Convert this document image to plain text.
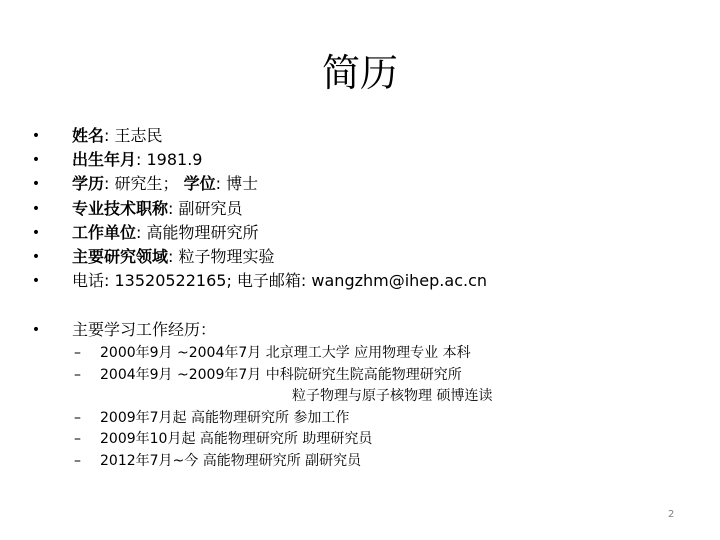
简历
• 姓名: 王志民
• 出生年月: 1981.9
• 学历: 研究生； 学位: 博士
• 专业技术职称: 副研究员
• 工作单位: 高能物理研究所
• 主要研究领域: 粒子物理实验
• 电话: 13520522165; 电子邮箱: wangzhm@ihep.ac.cn
• 主要学习工作经历：
– 2000年9月 ~2004年7月 北京理工大学 应用物理专业 本科
– 2004年9月 ~2009年7月 中科院研究生院高能物理研究所
粒子物理与原子核物理 硕博连读
– 2009年7月起 高能物理研究所 参加工作
– 2009年10月起 高能物理研究所 助理研究员
– 2012年7月~今 高能物理研究所 副研究员
2
